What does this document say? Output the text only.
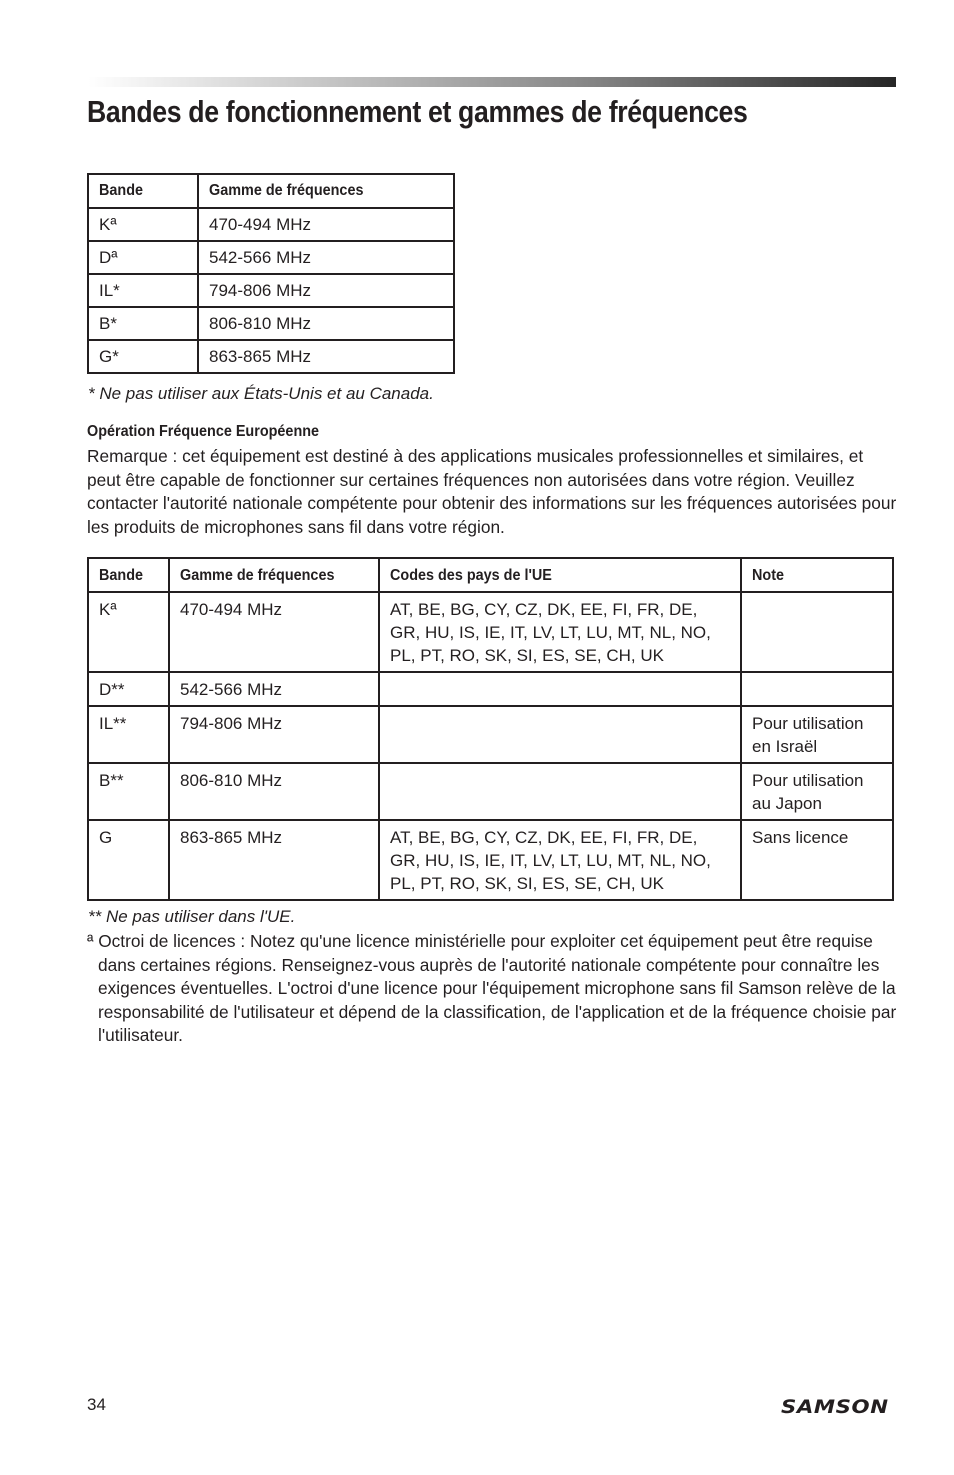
Bandes de fonctionnement et gammes de fréquences
Bande	Gamme de fréquences
Kª	470-494 MHz
Dª	542-566 MHz
IL*	794-806 MHz
B*	806-810 MHz
G*	863-865 MHz

* Ne pas utiliser aux États-Unis et au Canada.

Opération Fréquence Européenne

Remarque : cet équipement est destiné à des applications musicales professionnelles et similaires, et peut être capable de fonctionner sur certaines fréquences non autorisées dans votre région. Veuillez contacter l'autorité nationale compétente pour obtenir des informations sur les fréquences autorisées pour les produits de microphones sans fil dans votre région.

Bande	Gamme de fréquences	Codes des pays de l'UE	Note
Kª	470-494 MHz	AT, BE, BG, CY, CZ, DK, EE, FI, FR, DE, GR, HU, IS, IE, IT, LV, LT, LU, MT, NL, NO, PL, PT, RO, SK, SI, ES, SE, CH, UK	
D**	542-566 MHz		
IL**	794-806 MHz		Pour utilisation en Israël
B**	806-810 MHz		Pour utilisation au Japon
G	863-865 MHz	AT, BE, BG, CY, CZ, DK, EE, FI, FR, DE, GR, HU, IS, IE, IT, LV, LT, LU, MT, NL, NO, PL, PT, RO, SK, SI, ES, SE, CH, UK	Sans licence

** Ne pas utiliser dans l'UE.

ª Octroi de licences : Notez qu'une licence ministérielle pour exploiter cet équipement peut être requise dans certaines régions. Renseignez-vous auprès de l'autorité nationale compétente pour connaître les exigences éventuelles. L'octroi d'une licence pour l'équipement microphone sans fil Samson relève de la responsabilité de l'utilisateur et dépend de la classification, de l'application et de la fréquence choisie par l'utilisateur.

34	SAMSON
